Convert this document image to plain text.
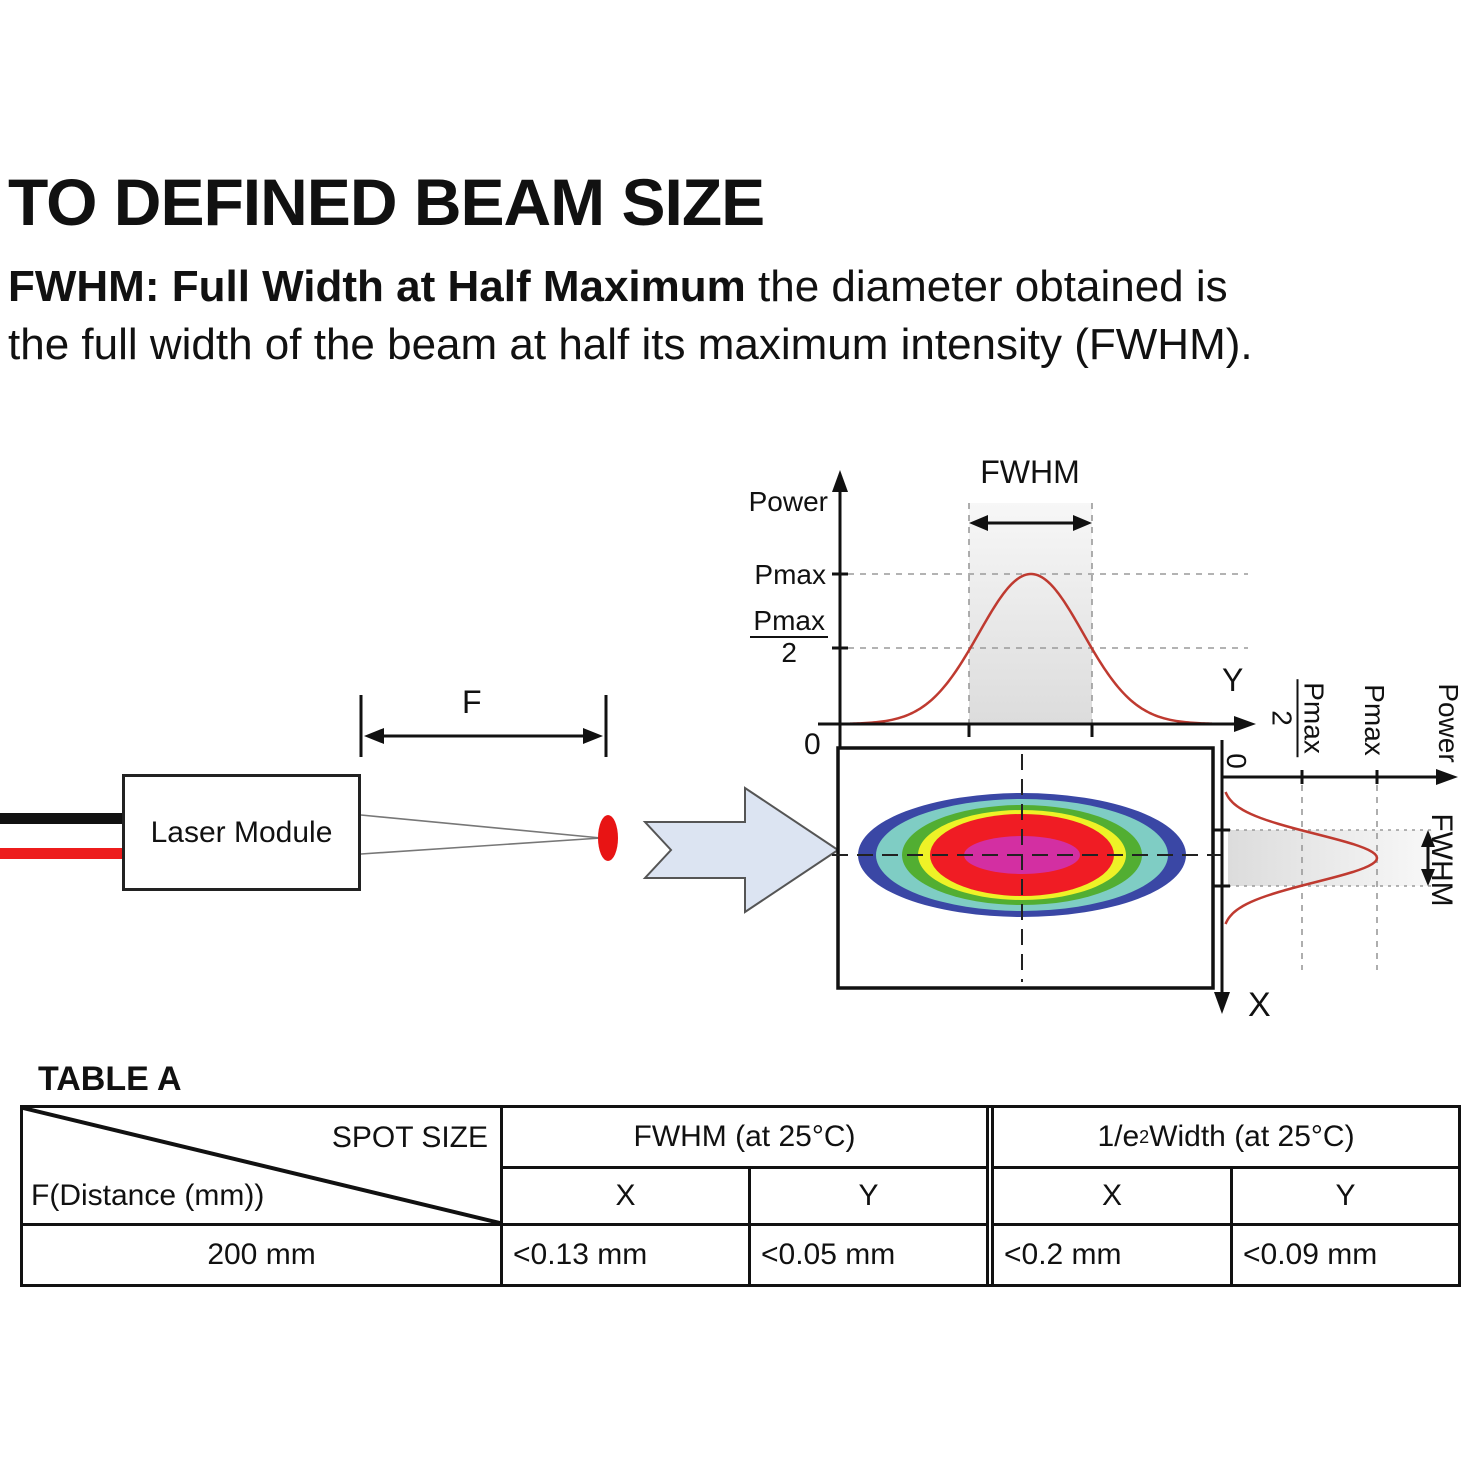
TO DEFINED BEAM SIZE
FWHM: Full Width at Half Maximum the diameter obtained is
the full width of the beam at half its maximum intensity (FWHM).
Laser Module
F
Power
Pmax
$\frac{Pmax}{2}$
0
Y
FWHM
0
Pmax
2 Pmax Power
FWHM
X
TABLE A
SPOT SIZE
F(Distance (mm))
FWHM (at 25°C)	1/e 2 Width (at 25°C)
X	Y	X	Y
200 mm	<0.13 mm	<0.05 mm	<0.2 mm	<0.09 mm
